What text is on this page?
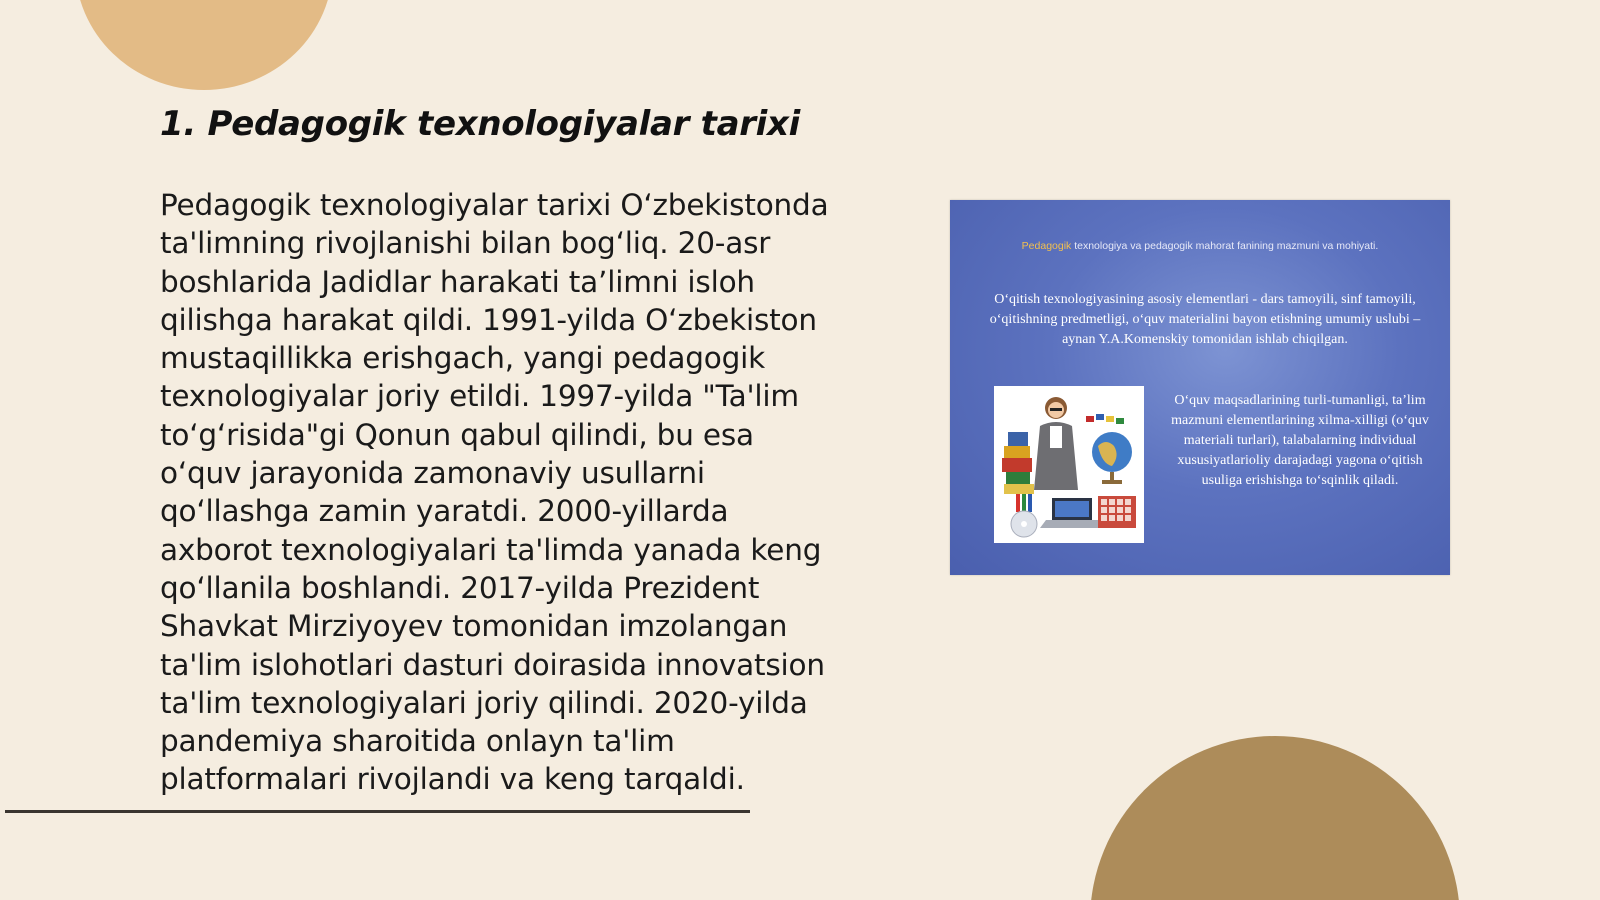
1. Pedagogik texnologiyalar tarixi

Pedagogik texnologiyalar tarixi O‘zbekistonda ta'limning rivojlanishi bilan bog‘liq. 20-asr boshlarida Jadidlar harakati ta’limni isloh qilishga harakat qildi. 1991-yilda O‘zbekiston mustaqillikka erishgach, yangi pedagogik texnologiyalar joriy etildi. 1997-yilda "Ta'lim to‘g‘risida"gi Qonun qabul qilindi, bu esa o‘quv jarayonida zamonaviy usullarni qo‘llashga zamin yaratdi. 2000-yillarda axborot texnologiyalari ta'limda yanada keng qo‘llanila boshlandi. 2017-yilda Prezident Shavkat Mirziyoyev tomonidan imzolangan ta'lim islohotlari dasturi doirasida innovatsion ta'lim texnologiyalari joriy qilindi. 2020-yilda pandemiya sharoitida onlayn ta'lim platformalari rivojlandi va keng tarqaldi.

Pedagogik texnologiya va pedagogik mahorat fanining mazmuni va mohiyati.
O‘qitish texnologiyasining asosiy elementlari - dars tamoyili, sinf tamoyili, o‘qitishning predmetligi, o‘quv materialini bayon etishning umumiy uslubi – aynan Y.A.Komenskiy tomonidan ishlab chiqilgan.
O‘quv maqsadlarining turli-tumanligi, ta’lim mazmuni elementlarining xilma-xilligi (o‘quv materiali turlari), talabalarning individual xususiyatlarioliy darajadagi yagona o‘qitish usuliga erishishga to‘sqinlik qiladi.
